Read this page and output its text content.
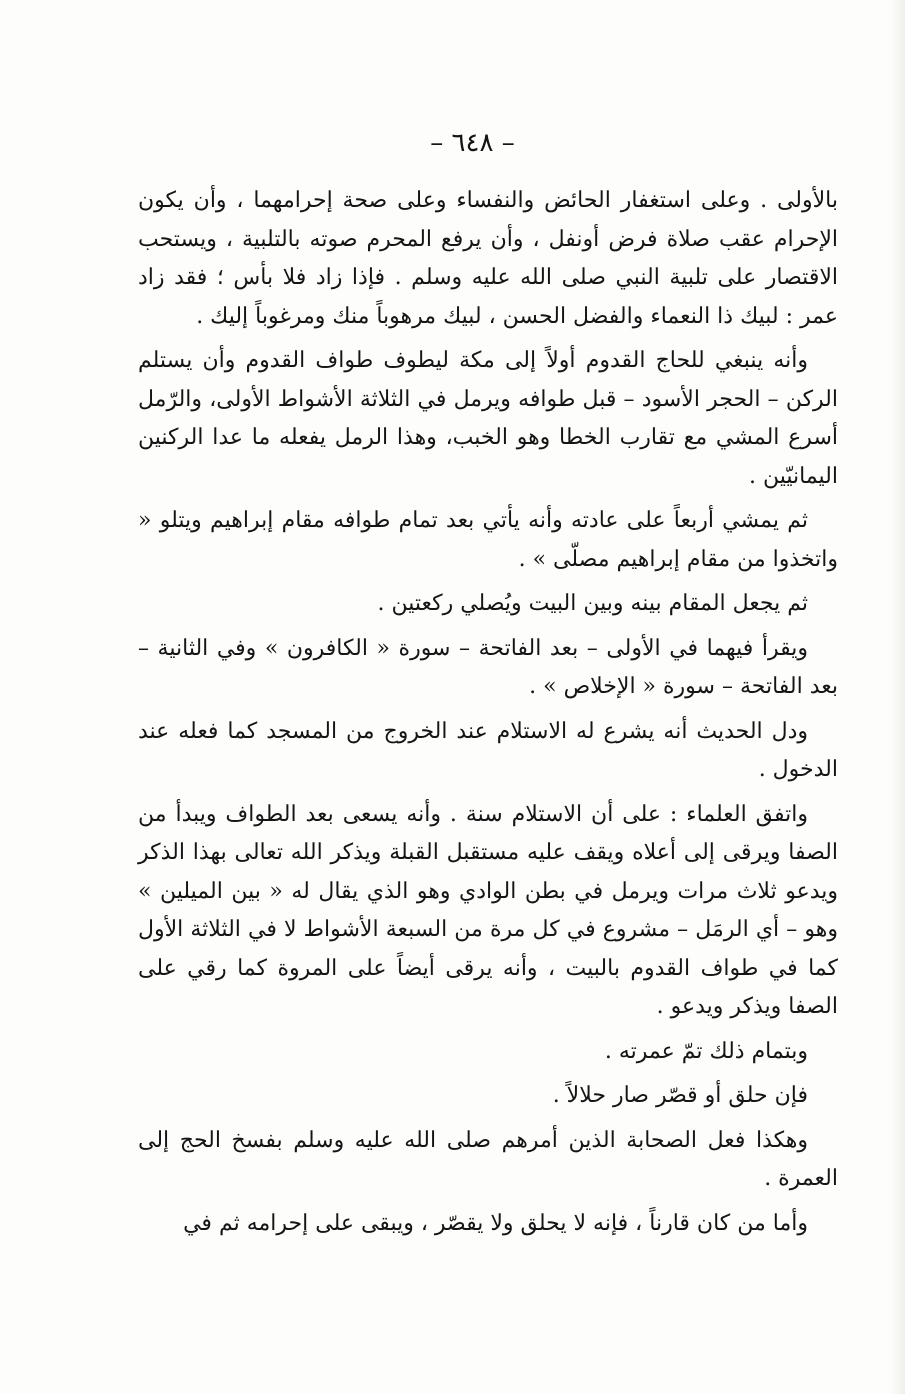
– ٦٤٨ –

بالأولى . وعلى استغفار الحائض والنفساء وعلى صحة إحرامهما ، وأن يكون الإحرام عقب صلاة فرض أونفل ، وأن يرفع المحرم صوته بالتلبية ، ويستحب الاقتصار على تلبية النبي صلى الله عليه وسلم . فإذا زاد فلا بأس ؛ فقد زاد عمر : لبيك ذا النعماء والفضل الحسن ، لبيك مرهوباً منك ومرغوباً إليك .

وأنه ينبغي للحاج القدوم أولاً إلى مكة ليطوف طواف القدوم وأن يستلم الركن – الحجر الأسود – قبل طوافه ويرمل في الثلاثة الأشواط الأولى، والرّمل أسرع المشي مع تقارب الخطا وهو الخبب، وهذا الرمل يفعله ما عدا الركنين اليمانيّين .

ثم يمشي أربعاً على عادته وأنه يأتي بعد تمام طوافه مقام إبراهيم ويتلو « واتخذوا من مقام إبراهيم مصلّى » .

ثم يجعل المقام بينه وبين البيت ويُصلي ركعتين .

ويقرأ فيهما في الأولى – بعد الفاتحة – سورة « الكافرون » وفي الثانية – بعد الفاتحة – سورة « الإخلاص » .

ودل الحديث أنه يشرع له الاستلام عند الخروج من المسجد كما فعله عند الدخول .

واتفق العلماء : على أن الاستلام سنة . وأنه يسعى بعد الطواف ويبدأ من الصفا ويرقى إلى أعلاه ويقف عليه مستقبل القبلة ويذكر الله تعالى بهذا الذكر ويدعو ثلاث مرات ويرمل في بطن الوادي وهو الذي يقال له « بين الميلين » وهو – أي الرمَل – مشروع في كل مرة من السبعة الأشواط لا في الثلاثة الأول كما في طواف القدوم بالبيت ، وأنه يرقى أيضاً على المروة كما رقي على الصفا ويذكر ويدعو .

وبتمام ذلك تمّ عمرته .

فإن حلق أو قصّر صار حلالاً .

وهكذا فعل الصحابة الذين أمرهم صلى الله عليه وسلم بفسخ الحج إلى العمرة .

وأما من كان قارناً ، فإنه لا يحلق ولا يقصّر ، ويبقى على إحرامه ثم في
